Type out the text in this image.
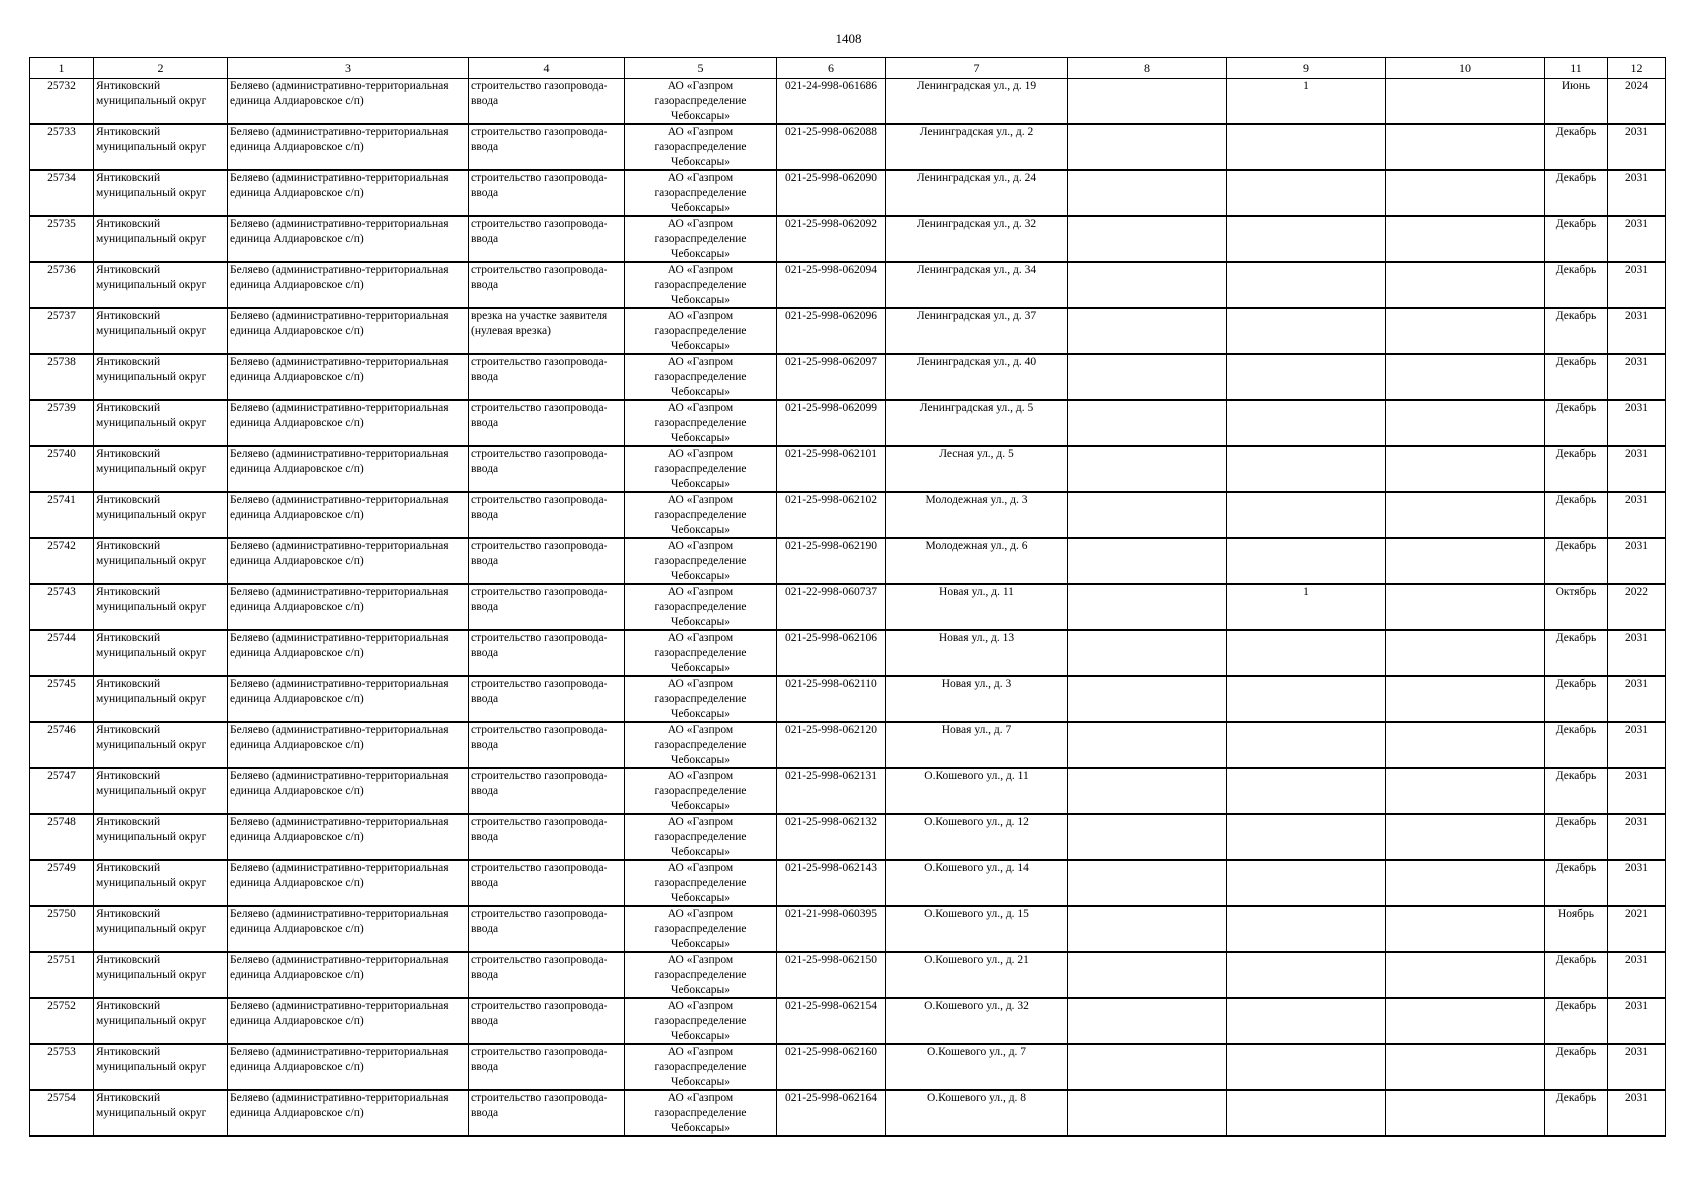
1408
1	2	3	4	5	6	7	8	9	10	11	12

25732	Янтиковский муниципальный округ	Беляево (административно-территориальная единица Алдиаровское с/п)	строительство газопровода-ввода	АО «Газпром газораспределение Чебоксары»	021-24-998-061686	Ленинградская ул., д. 19		1		Июнь	2024

25733	Янтиковский муниципальный округ	Беляево (административно-территориальная единица Алдиаровское с/п)	строительство газопровода-ввода	АО «Газпром газораспределение Чебоксары»	021-25-998-062088	Ленинградская ул., д. 2				Декабрь	2031

25734	Янтиковский муниципальный округ	Беляево (административно-территориальная единица Алдиаровское с/п)	строительство газопровода-ввода	АО «Газпром газораспределение Чебоксары»	021-25-998-062090	Ленинградская ул., д. 24				Декабрь	2031

25735	Янтиковский муниципальный округ	Беляево (административно-территориальная единица Алдиаровское с/п)	строительство газопровода-ввода	АО «Газпром газораспределение Чебоксары»	021-25-998-062092	Ленинградская ул., д. 32				Декабрь	2031

25736	Янтиковский муниципальный округ	Беляево (административно-территориальная единица Алдиаровское с/п)	строительство газопровода-ввода	АО «Газпром газораспределение Чебоксары»	021-25-998-062094	Ленинградская ул., д. 34				Декабрь	2031

25737	Янтиковский муниципальный округ	Беляево (административно-территориальная единица Алдиаровское с/п)	врезка на участке заявителя (нулевая врезка)	АО «Газпром газораспределение Чебоксары»	021-25-998-062096	Ленинградская ул., д. 37				Декабрь	2031

25738	Янтиковский муниципальный округ	Беляево (административно-территориальная единица Алдиаровское с/п)	строительство газопровода-ввода	АО «Газпром газораспределение Чебоксары»	021-25-998-062097	Ленинградская ул., д. 40				Декабрь	2031

25739	Янтиковский муниципальный округ	Беляево (административно-территориальная единица Алдиаровское с/п)	строительство газопровода-ввода	АО «Газпром газораспределение Чебоксары»	021-25-998-062099	Ленинградская ул., д. 5				Декабрь	2031

25740	Янтиковский муниципальный округ	Беляево (административно-территориальная единица Алдиаровское с/п)	строительство газопровода-ввода	АО «Газпром газораспределение Чебоксары»	021-25-998-062101	Лесная ул., д. 5				Декабрь	2031

25741	Янтиковский муниципальный округ	Беляево (административно-территориальная единица Алдиаровское с/п)	строительство газопровода-ввода	АО «Газпром газораспределение Чебоксары»	021-25-998-062102	Молодежная ул., д. 3				Декабрь	2031

25742	Янтиковский муниципальный округ	Беляево (административно-территориальная единица Алдиаровское с/п)	строительство газопровода-ввода	АО «Газпром газораспределение Чебоксары»	021-25-998-062190	Молодежная ул., д. 6				Декабрь	2031

25743	Янтиковский муниципальный округ	Беляево (административно-территориальная единица Алдиаровское с/п)	строительство газопровода-ввода	АО «Газпром газораспределение Чебоксары»	021-22-998-060737	Новая ул., д. 11		1		Октябрь	2022

25744	Янтиковский муниципальный округ	Беляево (административно-территориальная единица Алдиаровское с/п)	строительство газопровода-ввода	АО «Газпром газораспределение Чебоксары»	021-25-998-062106	Новая ул., д. 13				Декабрь	2031

25745	Янтиковский муниципальный округ	Беляево (административно-территориальная единица Алдиаровское с/п)	строительство газопровода-ввода	АО «Газпром газораспределение Чебоксары»	021-25-998-062110	Новая ул., д. 3				Декабрь	2031

25746	Янтиковский муниципальный округ	Беляево (административно-территориальная единица Алдиаровское с/п)	строительство газопровода-ввода	АО «Газпром газораспределение Чебоксары»	021-25-998-062120	Новая ул., д. 7				Декабрь	2031

25747	Янтиковский муниципальный округ	Беляево (административно-территориальная единица Алдиаровское с/п)	строительство газопровода-ввода	АО «Газпром газораспределение Чебоксары»	021-25-998-062131	О.Кошевого ул., д. 11				Декабрь	2031

25748	Янтиковский муниципальный округ	Беляево (административно-территориальная единица Алдиаровское с/п)	строительство газопровода-ввода	АО «Газпром газораспределение Чебоксары»	021-25-998-062132	О.Кошевого ул., д. 12				Декабрь	2031

25749	Янтиковский муниципальный округ	Беляево (административно-территориальная единица Алдиаровское с/п)	строительство газопровода-ввода	АО «Газпром газораспределение Чебоксары»	021-25-998-062143	О.Кошевого ул., д. 14				Декабрь	2031

25750	Янтиковский муниципальный округ	Беляево (административно-территориальная единица Алдиаровское с/п)	строительство газопровода-ввода	АО «Газпром газораспределение Чебоксары»	021-21-998-060395	О.Кошевого ул., д. 15				Ноябрь	2021

25751	Янтиковский муниципальный округ	Беляево (административно-территориальная единица Алдиаровское с/п)	строительство газопровода-ввода	АО «Газпром газораспределение Чебоксары»	021-25-998-062150	О.Кошевого ул., д. 21				Декабрь	2031

25752	Янтиковский муниципальный округ	Беляево (административно-территориальная единица Алдиаровское с/п)	строительство газопровода-ввода	АО «Газпром газораспределение Чебоксары»	021-25-998-062154	О.Кошевого ул., д. 32				Декабрь	2031

25753	Янтиковский муниципальный округ	Беляево (административно-территориальная единица Алдиаровское с/п)	строительство газопровода-ввода	АО «Газпром газораспределение Чебоксары»	021-25-998-062160	О.Кошевого ул., д. 7				Декабрь	2031

25754	Янтиковский муниципальный округ	Беляево (административно-территориальная единица Алдиаровское с/п)	строительство газопровода-ввода	АО «Газпром газораспределение Чебоксары»	021-25-998-062164	О.Кошевого ул., д. 8				Декабрь	2031
